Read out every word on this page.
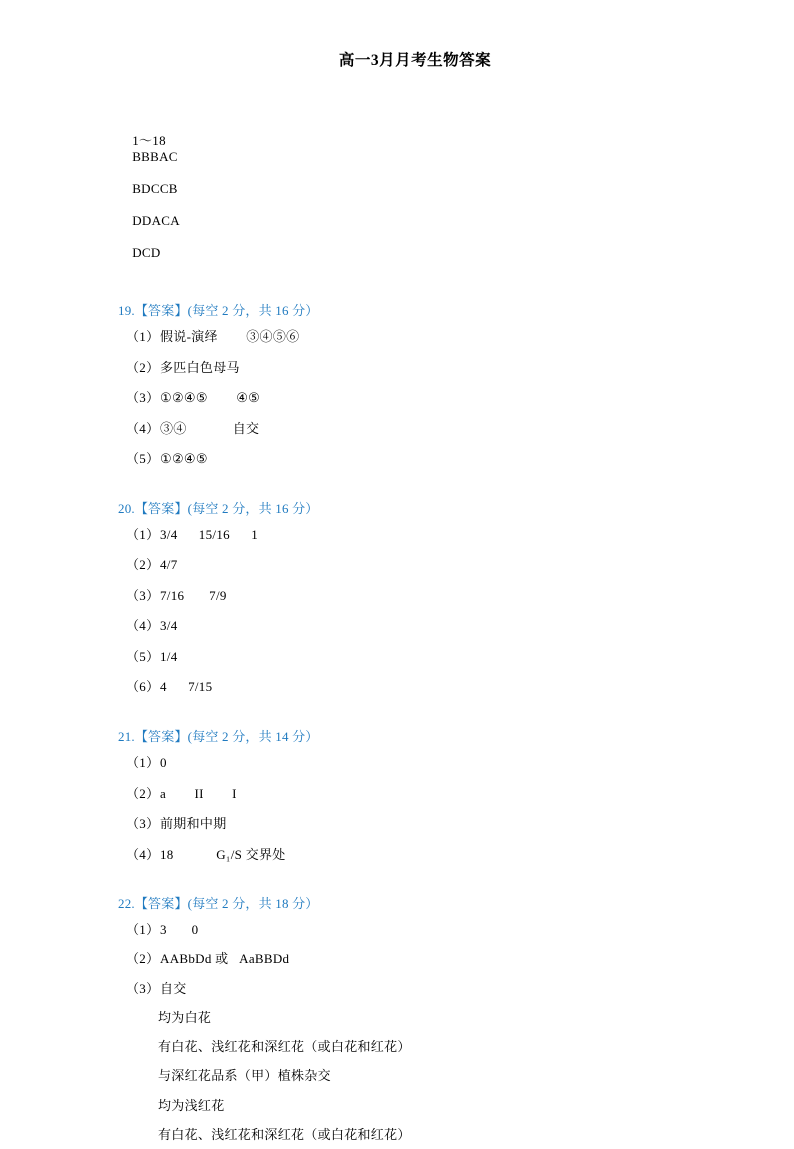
高一3月月考生物答案

1～18
BBBAC

BDCCB

DDACA

DCD

19.【答案】(每空 2 分，共 16 分）
（1）假说-演绎        ③④⑤⑥
（2）多匹白色母马
（3）①②④⑤        ④⑤
（4）③④             自交
（5）①②④⑤
20.【答案】(每空 2 分，共 16 分）
（1）3/4      15/16      1
（2）4/7
（3）7/16       7/9
（4）3/4
（5）1/4
（6）4      7/15
21.【答案】(每空 2 分，共 14 分）
（1）0
（2）a        II        I
（3）前期和中期
（4）18            G₁/S 交界处
22.【答案】(每空 2 分，共 18 分）
（1）3       0
（2）AABbDd 或   AaBBDd
（3）自交
均为白花
有白花、浅红花和深红花（或白花和红花）
与深红花品系（甲）植株杂交
均为浅红花
有白花、浅红花和深红花（或白花和红花）
